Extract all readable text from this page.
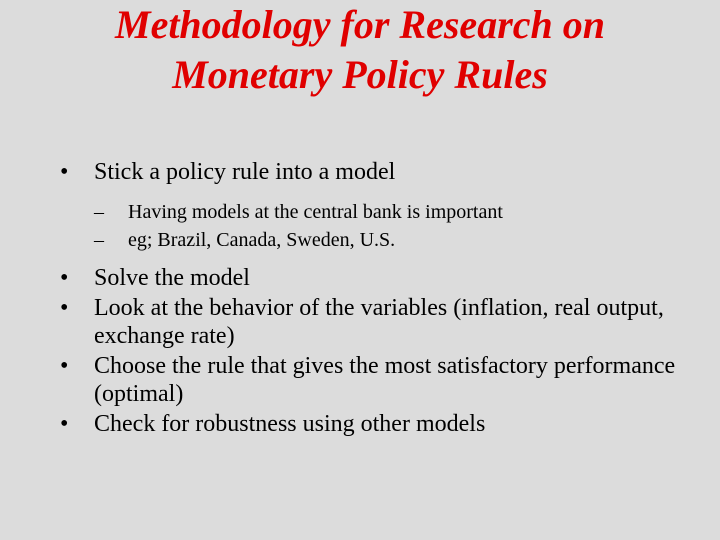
Methodology for Research on
Monetary Policy Rules
•	Stick a policy rule into a model
–	Having models at the central bank is important
–	eg; Brazil, Canada, Sweden, U.S.
•	Solve the model
•	Look at the behavior of the variables (inflation, real output, exchange rate)
•	Choose the rule that gives the most satisfactory performance (optimal)
•	Check for robustness using other models
